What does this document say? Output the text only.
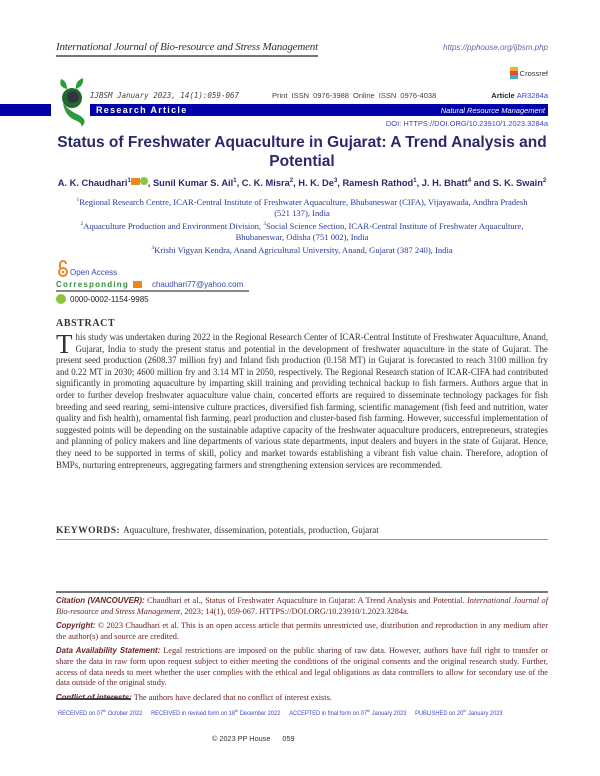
International Journal of Bio-resource and Stress Management	https://pphouse.org/ijbsm.php
Crossref
IJBSM January 2023, 14(1):059-067	Print ISSN 0976-3988 Online ISSN 0976-4038	Article AR3284a
Research Article	Natural Resource Management
DOI: HTTPS://DOI.ORG/10.23910/1.2023.3284a
Status of Freshwater Aquaculture in Gujarat: A Trend Analysis and Potential
A. K. Chaudhari$^1$ , Sunil Kumar S. Ail$^1$, C. K. Misra$^2$, H. K. De$^3$, Ramesh Rathod$^1$, J. H. Bhatt$^4$ and S. K. Swain$^2$
$^1$Regional Research Centre, ICAR-Central Institute of Freshwater Aquaculture, Bhubaneswar (CIFA), Vijayawada, Andhra Pradesh (521 137), India
$^2$Aquaculture Production and Environment Division, $^3$Social Science Section, ICAR-Central Institute of Freshwater Aquaculture, Bhubaneswar, Odisha (751 002), India
$^4$Krishi Vigyan Kendra, Anand Agricultural University, Anand, Gujarat (387 240), India
Open Access
Corresponding	chaudhari77@yahoo.com
0000-0002-1154-9985
ABSTRACT
This study was undertaken during 2022 in the Regional Research Center of ICAR-Central Institute of Freshwater Aquaculture, Anand, Gujarat, India to study the present status and potential in the development of freshwater aquaculture in the state of Gujarat. The present seed production (2608.37 million fry) and Inland fish production (0.158 MT) in Gujarat is forecasted to reach 3100 million fry and 0.22 MT in 2030; 4600 million fry and 3.14 MT in 2050, respectively. The Regional Research station of ICAR-CIFA had contributed significantly in promoting aquaculture by imparting skill training and providing technical backup to fish farmers. Authors argue that in order to further develop freshwater aquaculture value chain, concerted efforts are required to disseminate technology packages for fish breeding and seed rearing, semi-intensive culture practices, diversified fish farming, scientific management (fish feed and nutrition, water quality and fish health), ornamental fish farming, pearl production and cluster-based fish farming. However, successful implementation of suggested points will be depending on the sustainable adaptive capacity of the freshwater aquaculture producers, entrepreneurs, strategies and planning of policy makers and line departments of various state departments, input dealers and buyers in the state of Gujarat. Hence, they need to be supported in terms of skill, policy and market towards establishing a vibrant fish value chain. Therefore, adoption of BMPs, nurturing entrepreneurs, aggregating farmers and strengthening extension services are recommended.
KEYWORDS: Aquaculture, freshwater, dissemination, potentials, production, Gujarat

Citation (VANCOUVER): Chaudhari et al., Status of Freshwater Aquaculture in Gujarat: A Trend Analysis and Potential. International Journal of Bio-resource and Stress Management, 2023; 14(1), 059-067. HTTPS://DOI.ORG/10.23910/1.2023.3284a.

Copyright: © 2023 Chaudhari et al. This is an open access article that permits unrestricted use, distribution and reproduction in any medium after the author(s) and source are credited.

Data Availability Statement: Legal restrictions are imposed on the public sharing of raw data. However, authors have full right to transfer or share the data in raw form upon request subject to either meeting the conditions of the original consents and the original research study. Further, access of data needs to meet whether the user complies with the ethical and legal obligations as data controllers to allow for secondary use of the data outside of the original study.

The authors have declared that no conflict of interest exists.

RECEIVED on 07th October 2022 RECEIVED in revised form on 18th December 2022 ACCEPTED in final form on 07th January 2023 PUBLISHED on 20th January 2023
© 2023 PP House 059
